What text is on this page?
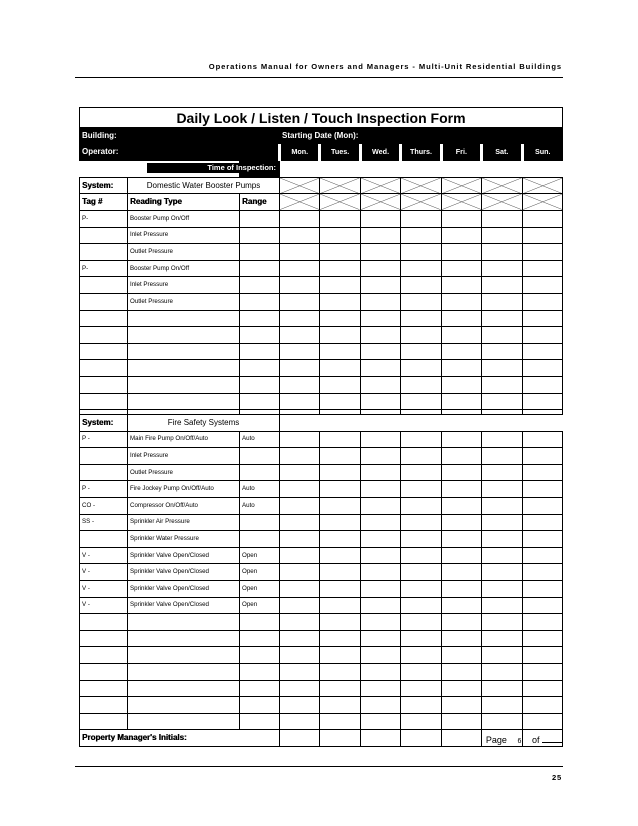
Operations Manual for Owners and Managers - Multi-Unit Residential Buildings
Daily Look / Listen / Touch Inspection Form									
Building:			Starting Date (Mon):						
Operator:			Mon.	Tues.	Wed.	Thurs.	Fri.	Sat.	Sun.

		Time of Inspection:							

System:	Domestic Water Booster Pumps	

Tag #	Reading Type	Range	

P-	Booster Pump On/Off								
	Inlet Pressure								
	Outlet Pressure								
P-	Booster Pump On/Off								
	Inlet Pressure								
	Outlet Pressure								

System:	Fire Safety Systems								
P -	Main Fire Pump On/Off/Auto	Auto							
	Inlet Pressure								
	Outlet Pressure								
P -	Fire Jockey Pump On/Off/Auto	Auto							
CO -	Compressor On/Off/Auto	Auto							
SS -	Sprinkler Air Pressure								
	Sprinkler Water Pressure								
V -	Sprinkler Valve Open/Closed	Open							
V -	Sprinkler Valve Open/Closed	Open							
V -	Sprinkler Valve Open/Closed	Open							
V -	Sprinkler Valve Open/Closed	Open							

Property Manager's Initials:										Page 6 of
25
